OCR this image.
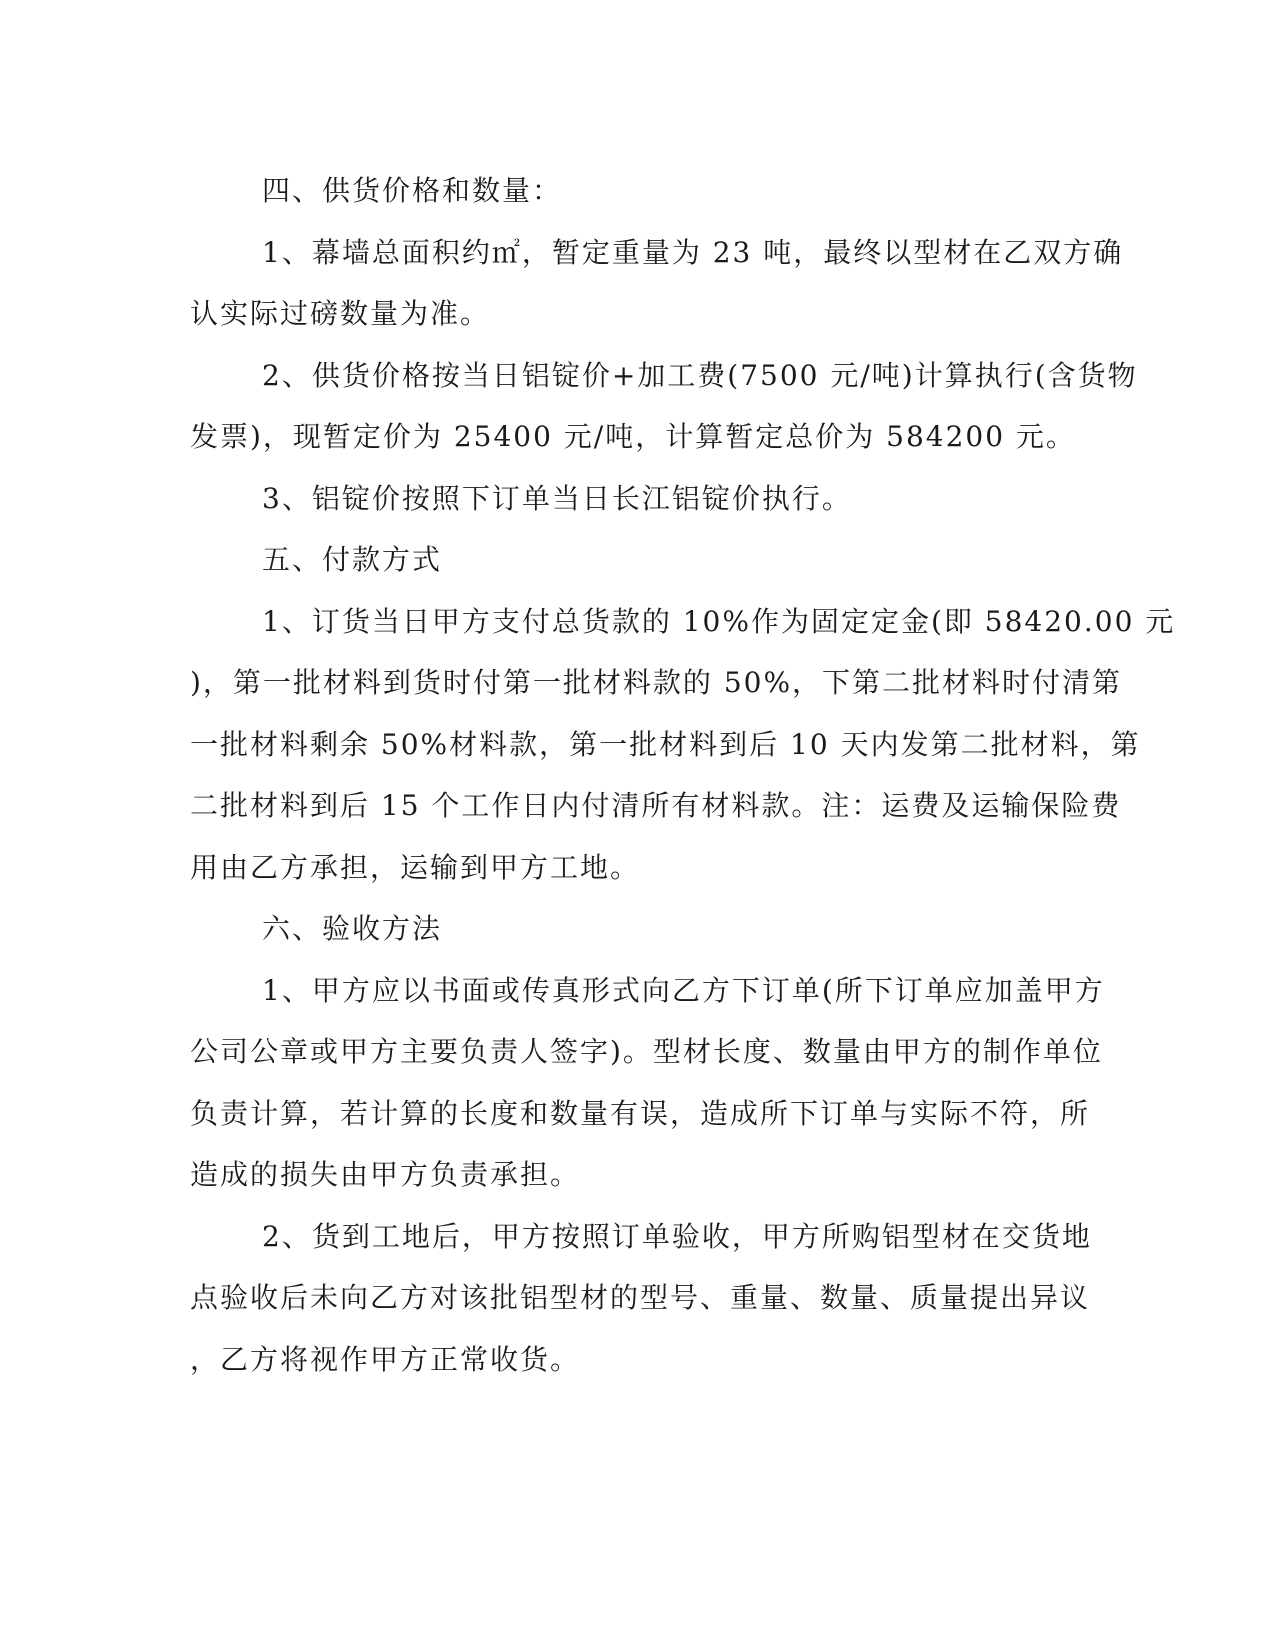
四、供货价格和数量：
1、幕墙总面积约㎡，暂定重量为 23 吨，最终以型材在乙双方确
认实际过磅数量为准。
2、供货价格按当日铝锭价+加工费(7500 元/吨)计算执行(含货物
发票)，现暂定价为 25400 元/吨，计算暂定总价为 584200 元。
3、铝锭价按照下订单当日长江铝锭价执行。
五、付款方式
1、订货当日甲方支付总货款的 10%作为固定定金(即 58420.00 元
)，第一批材料到货时付第一批材料款的 50%，下第二批材料时付清第
一批材料剩余 50%材料款，第一批材料到后 10 天内发第二批材料，第
二批材料到后 15 个工作日内付清所有材料款。注：运费及运输保险费
用由乙方承担，运输到甲方工地。
六、验收方法
1、甲方应以书面或传真形式向乙方下订单(所下订单应加盖甲方
公司公章或甲方主要负责人签字)。型材长度、数量由甲方的制作单位
负责计算，若计算的长度和数量有误，造成所下订单与实际不符，所
造成的损失由甲方负责承担。
2、货到工地后，甲方按照订单验收，甲方所购铝型材在交货地
点验收后未向乙方对该批铝型材的型号、重量、数量、质量提出异议
，乙方将视作甲方正常收货。
